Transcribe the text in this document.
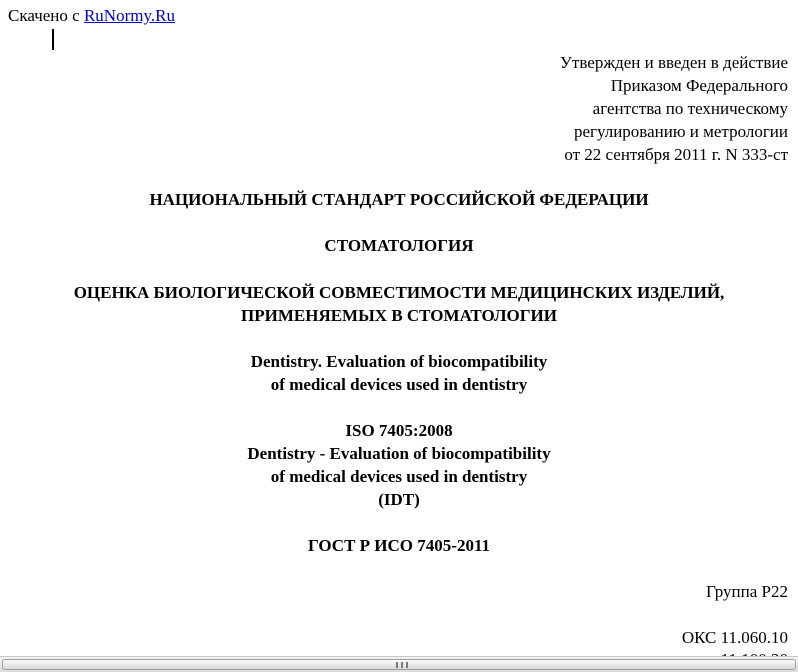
Скачено с RuNormy.Ru
Утвержден и введен в действие
Приказом Федерального
агентства по техническому
регулированию и метрологии
от 22 сентября 2011 г. N 333-ст
НАЦИОНАЛЬНЫЙ СТАНДАРТ РОССИЙСКОЙ ФЕДЕРАЦИИ
СТОМАТОЛОГИЯ
ОЦЕНКА БИОЛОГИЧЕСКОЙ СОВМЕСТИМОСТИ МЕДИЦИНСКИХ ИЗДЕЛИЙ,
ПРИМЕНЯЕМЫХ В СТОМАТОЛОГИИ
Dentistry. Evaluation of biocompatibility
of medical devices used in dentistry
ISO 7405:2008
Dentistry - Evaluation of biocompatibility
of medical devices used in dentistry
(IDT)
ГОСТ Р ИСО 7405-2011
Группа Р22
ОКС 11.060.10
